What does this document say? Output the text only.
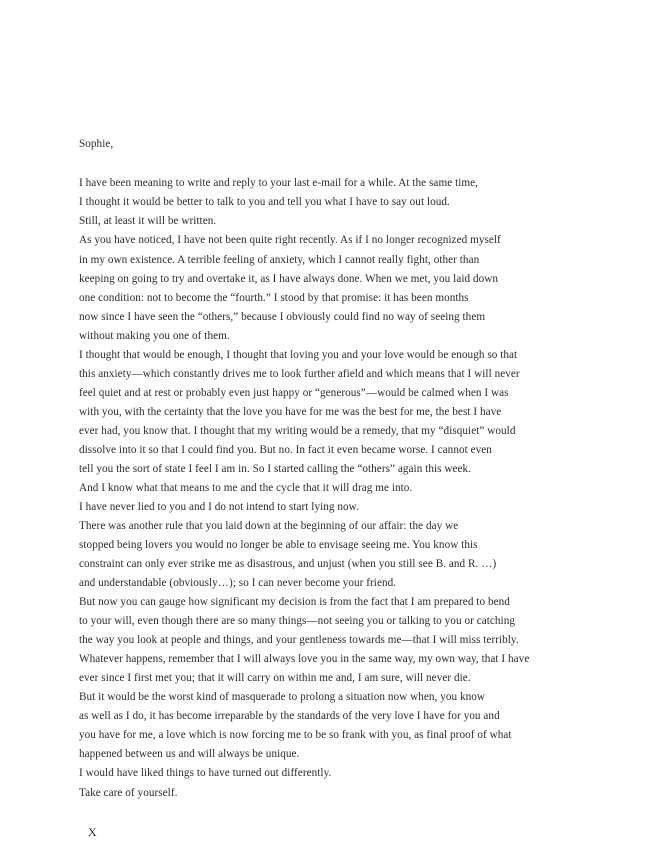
Sophie,
I have been meaning to write and reply to your last e-mail for a while. At the same time,
I thought it would be better to talk to you and tell you what I have to say out loud.
Still, at least it will be written.
As you have noticed, I have not been quite right recently. As if I no longer recognized myself
in my own existence. A terrible feeling of anxiety, which I cannot really fight, other than
keeping on going to try and overtake it, as I have always done. When we met, you laid down
one condition: not to become the “fourth.” I stood by that promise: it has been months
now since I have seen the “others,” because I obviously could find no way of seeing them
without making you one of them.
I thought that would be enough, I thought that loving you and your love would be enough so that
this anxiety—which constantly drives me to look further afield and which means that I will never
feel quiet and at rest or probably even just happy or “generous”—would be calmed when I was
with you, with the certainty that the love you have for me was the best for me, the best I have
ever had, you know that. I thought that my writing would be a remedy, that my “disquiet” would
dissolve into it so that I could find you. But no. In fact it even became worse. I cannot even
tell you the sort of state I feel I am in. So I started calling the “others” again this week.
And I know what that means to me and the cycle that it will drag me into.
I have never lied to you and I do not intend to start lying now.
There was another rule that you laid down at the beginning of our affair: the day we
stopped being lovers you would no longer be able to envisage seeing me. You know this
constraint can only ever strike me as disastrous, and unjust (when you still see B. and R. …)
and understandable (obviously…); so I can never become your friend.
But now you can gauge how significant my decision is from the fact that I am prepared to bend
to your will, even though there are so many things—not seeing you or talking to you or catching
the way you look at people and things, and your gentleness towards me—that I will miss terribly.
Whatever happens, remember that I will always love you in the same way, my own way, that I have
ever since I first met you; that it will carry on within me and, I am sure, will never die.
But it would be the worst kind of masquerade to prolong a situation now when, you know
as well as I do, it has become irreparable by the standards of the very love I have for you and
you have for me, a love which is now forcing me to be so frank with you, as final proof of what
happened between us and will always be unique.
I would have liked things to have turned out differently.
Take care of yourself.
X
